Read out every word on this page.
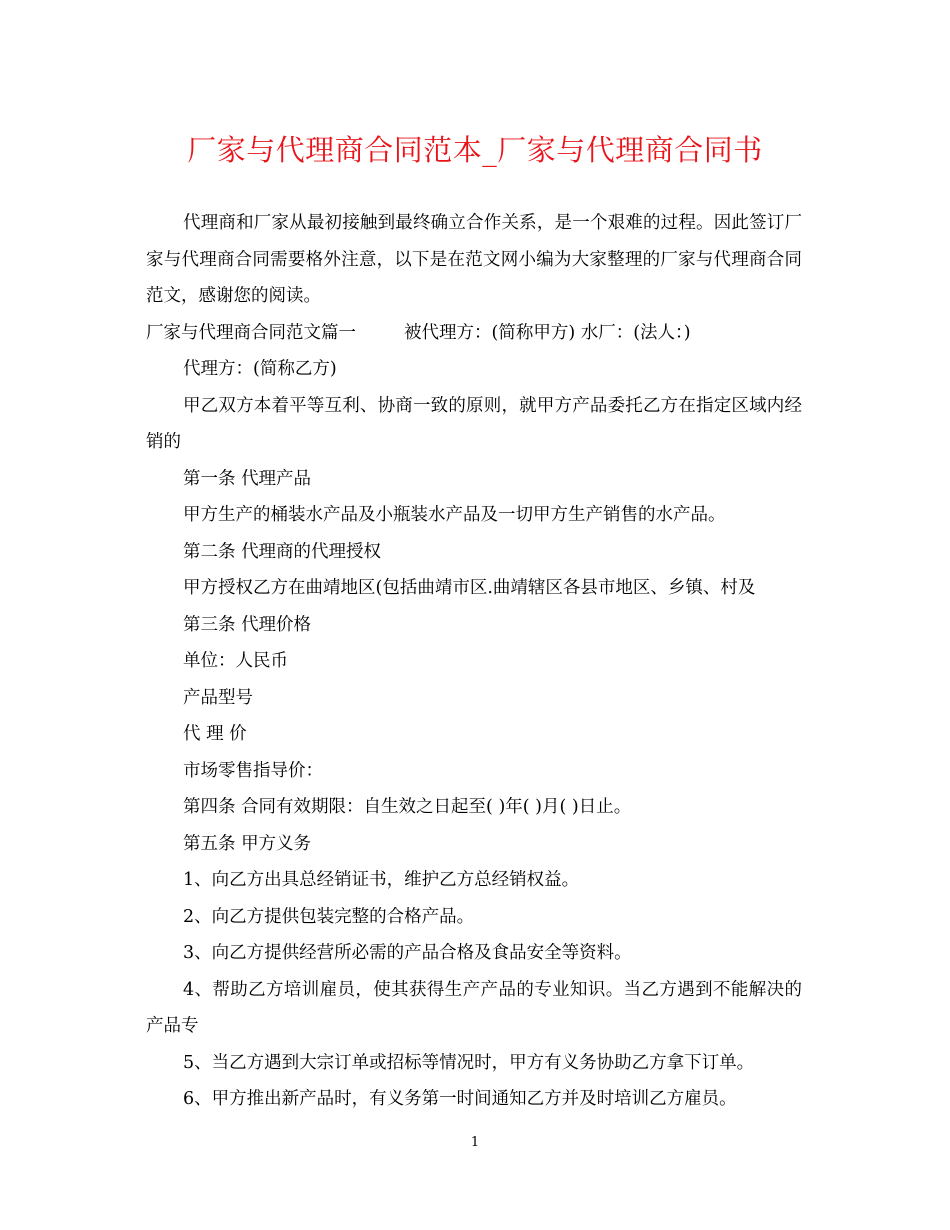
厂家与代理商合同范本_厂家与代理商合同书

代理商和厂家从最初接触到最终确立合作关系，是一个艰难的过程。因此签订厂家与代理商合同需要格外注意，以下是在范文网小编为大家整理的厂家与代理商合同范文，感谢您的阅读。

厂家与代理商合同范文篇一	被代理方：(简称甲方) 水厂：(法人：)

代理方：(简称乙方)

甲乙双方本着平等互利、协商一致的原则，就甲方产品委托乙方在指定区域内经销的

第一条 代理产品

甲方生产的桶装水产品及小瓶装水产品及一切甲方生产销售的水产品。

第二条 代理商的代理授权

甲方授权乙方在曲靖地区(包括曲靖市区.曲靖辖区各县市地区、乡镇、村及

第三条 代理价格

单位：人民币

产品型号

代 理 价

市场零售指导价：

第四条 合同有效期限：自生效之日起至( )年( )月( )日止。

第五条 甲方义务

1、向乙方出具总经销证书，维护乙方总经销权益。

2、向乙方提供包装完整的合格产品。

3、向乙方提供经营所必需的产品合格及食品安全等资料。

4、帮助乙方培训雇员，使其获得生产产品的专业知识。当乙方遇到不能解决的产品专

5、当乙方遇到大宗订单或招标等情况时，甲方有义务协助乙方拿下订单。

6、甲方推出新产品时，有义务第一时间通知乙方并及时培训乙方雇员。

1
